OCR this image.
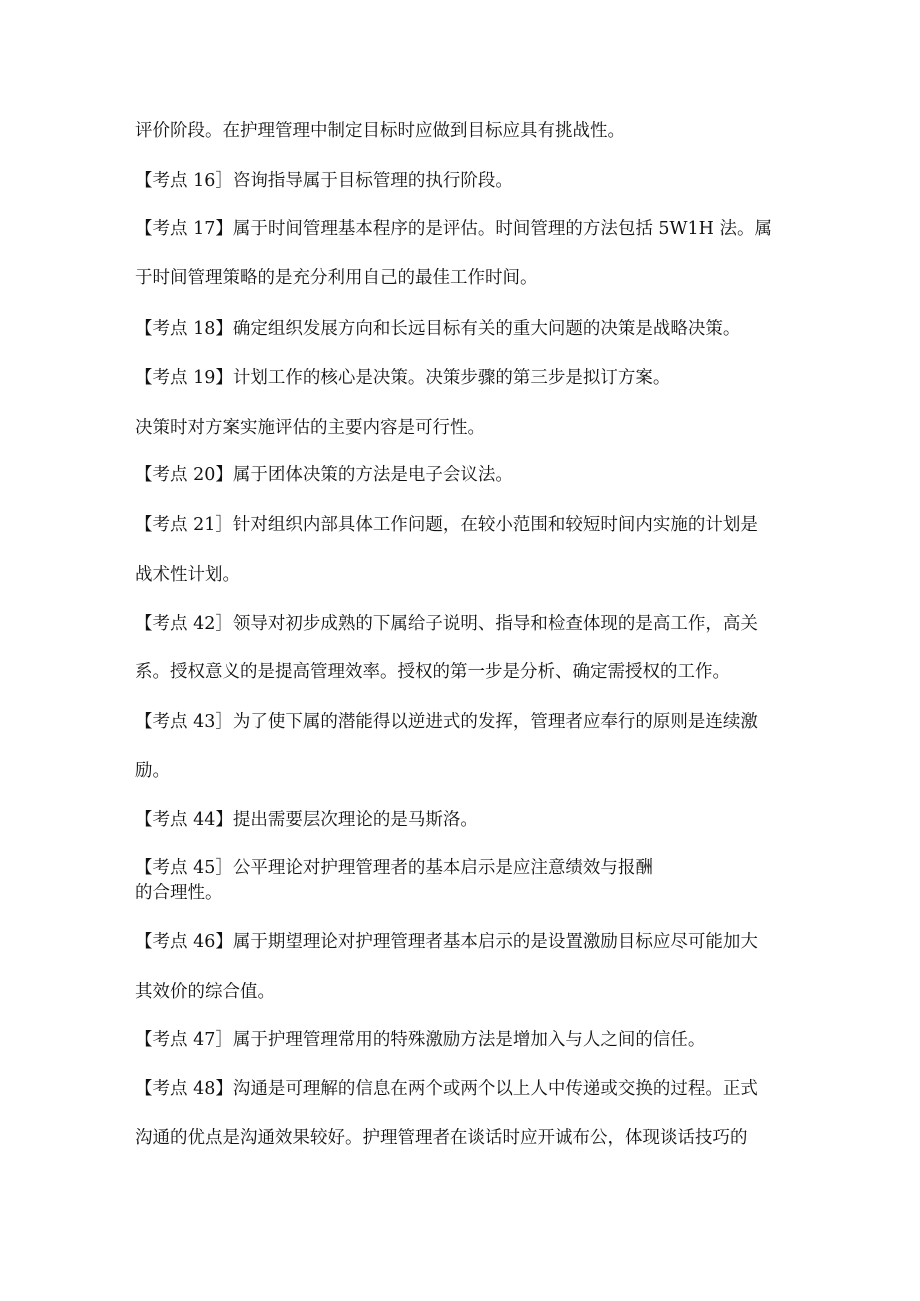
评价阶段。在护理管理中制定目标时应做到目标应具有挑战性。
【考点 16］咨询指导属于目标管理的执行阶段。
【考点 17】属于时间管理基本程序的是评估。时间管理的方法包括 5W1H 法。属
于时间管理策略的是充分利用自己的最佳工作时间。
【考点 18】确定组织发展方向和长远目标有关的重大问题的决策是战略决策。
【考点 19】计划工作的核心是决策。决策步骤的第三步是拟订方案。
决策时对方案实施评估的主要内容是可行性。
【考点 20】属于团体决策的方法是电子会议法。
【考点 21］针对组织内部具体工作问题，在较小范围和较短时间内实施的计划是
战术性计划。
【考点 42］领导对初步成熟的下属给子说明、指导和检查体现的是高工作，高关
系。授权意义的是提高管理效率。授权的第一步是分析、确定需授权的工作。
【考点 43］为了使下属的潜能得以逆进式的发挥，管理者应奉行的原则是连续激
励。
【考点 44】提出需要层次理论的是马斯洛。
【考点 45］公平理论对护理管理者的基本启示是应注意绩效与报酬
的合理性。
【考点 46】属于期望理论对护理管理者基本启示的是设置激励目标应尽可能加大
其效价的综合值。
【考点 47］属于护理管理常用的特殊激励方法是增加入与人之间的信任。
【考点 48】沟通是可理解的信息在两个或两个以上人中传递或交换的过程。正式
沟通的优点是沟通效果较好。护理管理者在谈话时应开诚布公，体现谈话技巧的
